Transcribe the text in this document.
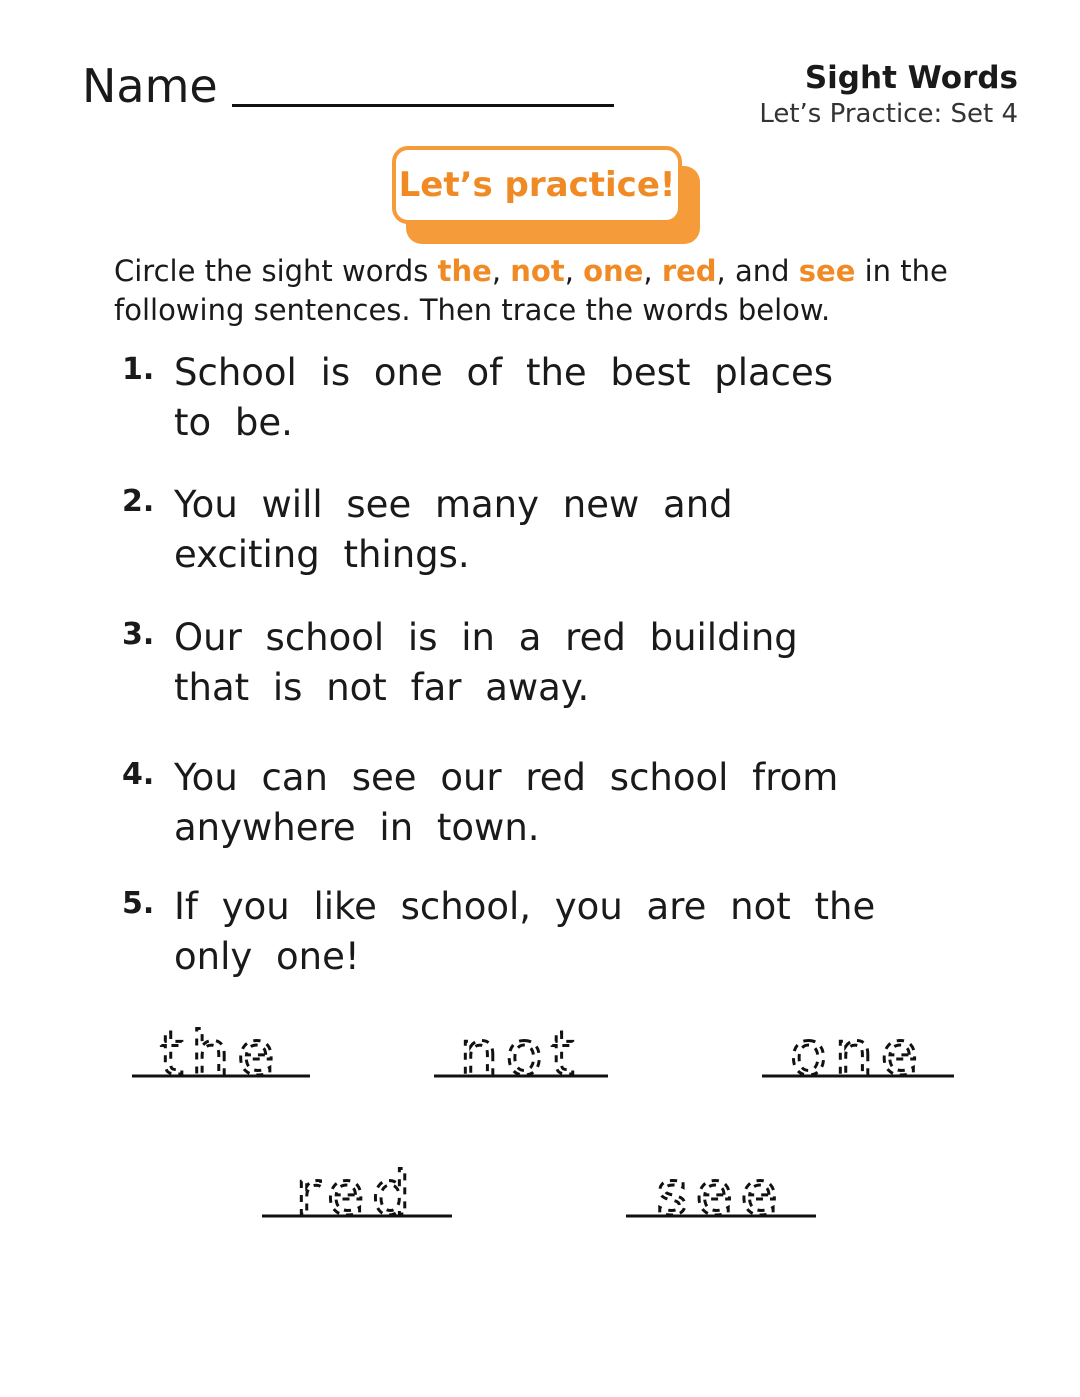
Name	Sight Words
Let’s Practice: Set 4
Let’s practice!
Circle the sight words the, not, one, red, and see in the following sentences. Then trace the words below.
1. School is one of the best places
to be.
2. You will see many new and
exciting things.
3. Our school is in a red building
that is not far away.
4. You can see our red school from
anywhere in town.
5. If you like school, you are not the
only one!
the	not	one
red	see
